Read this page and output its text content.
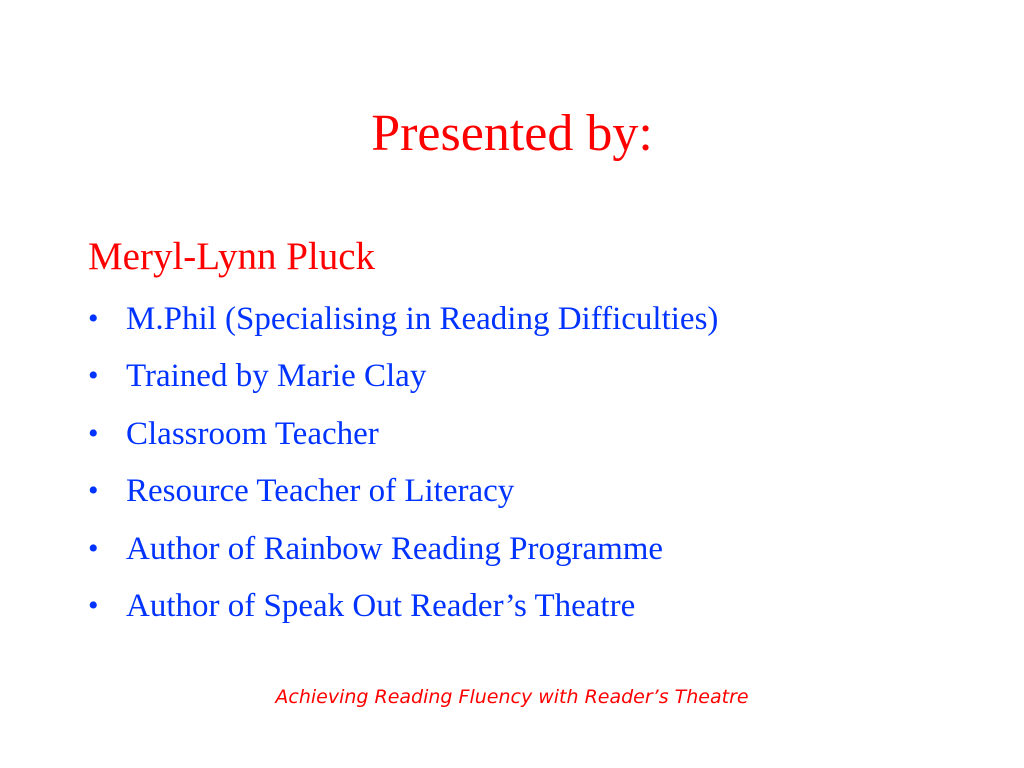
Presented by:
Meryl-Lynn Pluck
• M.Phil (Specialising in Reading Difficulties)
• Trained by Marie Clay
• Classroom Teacher
• Resource Teacher of Literacy
• Author of Rainbow Reading Programme
• Author of Speak Out Reader’s Theatre
Achieving Reading Fluency with Reader’s Theatre
